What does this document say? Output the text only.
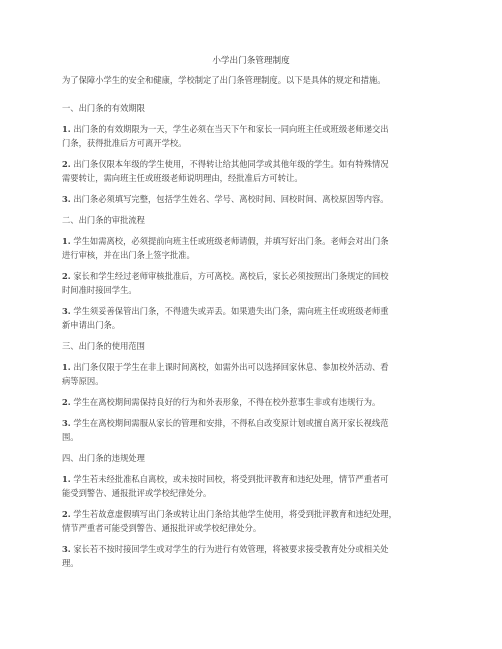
小学出门条管理制度

为了保障小学生的安全和健康，学校制定了出门条管理制度。以下是具体的规定和措施。

一、出门条的有效期限

1. 出门条的有效期限为一天，学生必须在当天下午和家长一同向班主任或班级老师递交出
门条，获得批准后方可离开学校。

2. 出门条仅限本年级的学生使用，不得转让给其他同学或其他年级的学生。如有特殊情况
需要转让，需向班主任或班级老师说明理由，经批准后方可转让。

3. 出门条必须填写完整，包括学生姓名、学号、离校时间、回校时间、离校原因等内容。

二、出门条的审批流程

1. 学生如需离校，必须提前向班主任或班级老师请假，并填写好出门条。老师会对出门条
进行审核，并在出门条上签字批准。

2. 家长和学生经过老师审核批准后，方可离校。离校后，家长必须按照出门条规定的回校
时间准时接回学生。

3. 学生须妥善保管出门条，不得遗失或弄丢。如果遗失出门条，需向班主任或班级老师重
新申请出门条。

三、出门条的使用范围

1. 出门条仅限于学生在非上课时间离校，如需外出可以选择回家休息、参加校外活动、看
病等原因。

2. 学生在离校期间需保持良好的行为和外表形象，不得在校外惹事生非或有违规行为。

3. 学生在离校期间需服从家长的管理和安排，不得私自改变原计划或擅自离开家长视线范
围。

四、出门条的违规处理

1. 学生若未经批准私自离校，或未按时回校，将受到批评教育和违纪处理，情节严重者可
能受到警告、通报批评或学校纪律处分。

2. 学生若故意虚假填写出门条或转让出门条给其他学生使用，将受到批评教育和违纪处理，
情节严重者可能受到警告、通报批评或学校纪律处分。

3. 家长若不按时接回学生或对学生的行为进行有效管理，将被要求接受教育处分或相关处
理。
